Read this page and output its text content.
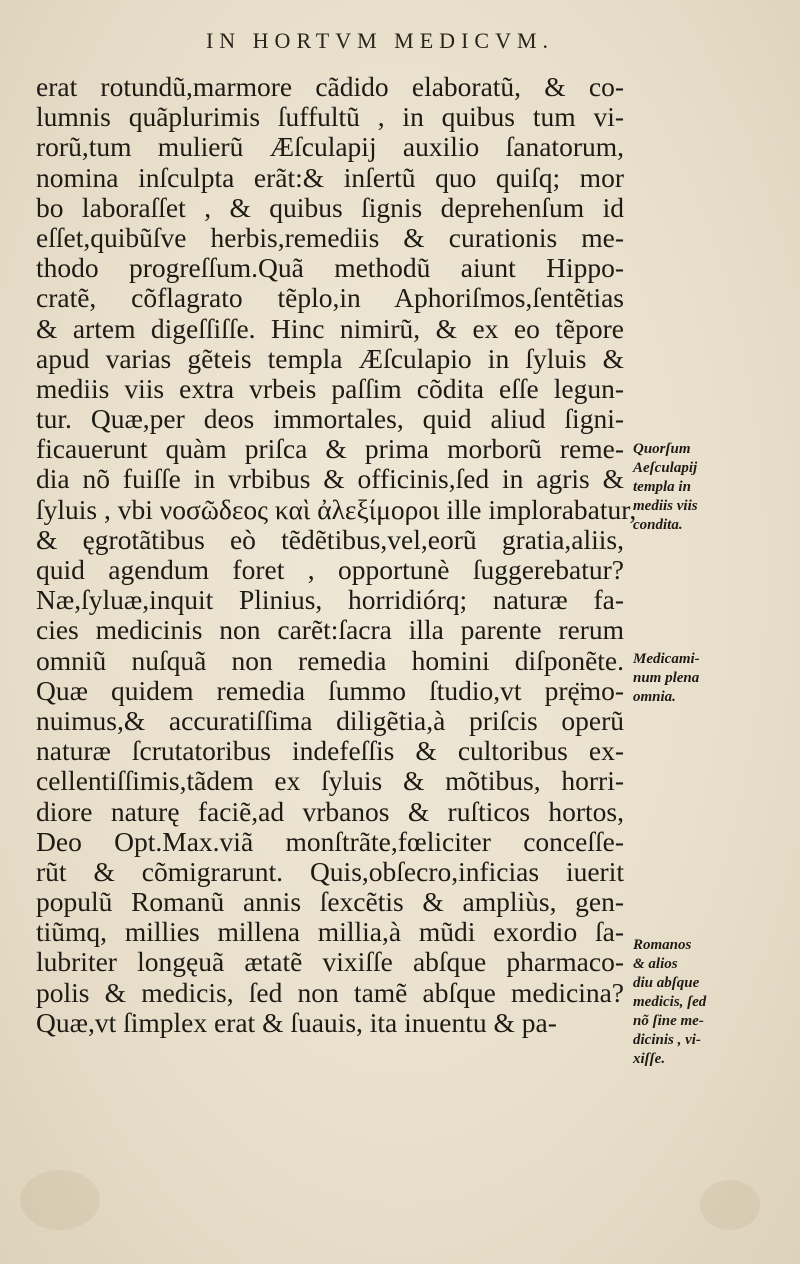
IN HORTVM MEDICVM.
erat rotundũ,marmore cãdido elaboratũ, & co-
lumnis quãplurimis ſuffultũ , in quibus tum vi-
rorũ,tum mulierũ Æſculapij auxilio ſanatorum,
nomina inſculpta erãt:& inſertũ quo quiſq; mor
bo laboraſſet , & quibus ſignis deprehenſum id
eſſet,quibũſve herbis,remediis & curationis me-
thodo progreſſum.Quã methodũ aiunt Hippo-
cratẽ, cõflagrato tẽplo,in Aphoriſmos,ſentẽtias
& artem digeſſiſſe. Hinc nimirũ, & ex eo tẽpore
apud varias gẽteis templa Æſculapio in ſyluis &
mediis viis extra vrbeis paſſim cõdita eſſe legun-
tur. Quæ,per deos immortales, quid aliud ſigni-
ficauerunt quàm priſca & prima morborũ reme-
dia nõ fuiſſe in vrbibus & officinis,ſed in agris &
ſyluis , vbi νοσῶδεος καὶ ἀλεξίμοροι ille implorabatur,
& ęgrotãtibus eò tẽdẽtibus,vel,eorũ gratia,aliis,
quid agendum foret , opportunè ſuggerebatur?
Næ,ſyluæ,inquit Plinius, horridiórq; naturæ fa-
cies medicinis non carẽt:ſacra illa parente rerum
omniũ nuſquã non remedia homini diſponẽte.
Quæ quidem remedia ſummo ſtudio,vt prę̈mo-
nuimus,& accuratiſſima diligẽtia,à priſcis operũ
naturæ ſcrutatoribus indefeſſis & cultoribus ex-
cellentiſſimis,tãdem ex ſyluis & mõtibus, horri-
diore naturę faciẽ,ad vrbanos & ruſticos hortos,
Deo Opt.Max.viã monſtrãte,fœliciter conceſſe-
rũt & cõmigrarunt. Quis,obſecro,inficias iuerit
populũ Romanũ annis ſexcẽtis & ampliùs, gen-
tiũmq, millies millena millia,à mũdi exordio ſa-
lubriter longęuã ætatẽ vixiſſe abſque pharmaco-
polis & medicis, ſed non tamẽ abſque medicina?
Quæ,vt ſimplex erat & ſuauis, ita inuentu & pa-
Quorſum
Aeſculapij
templa in
mediis viis
condita.
Medicami-
num plena
omnia.
Romanos
& alios
diu abſque
medicis, ſed
nõ ſine me-
dicinis , vi-
xiſſe.
